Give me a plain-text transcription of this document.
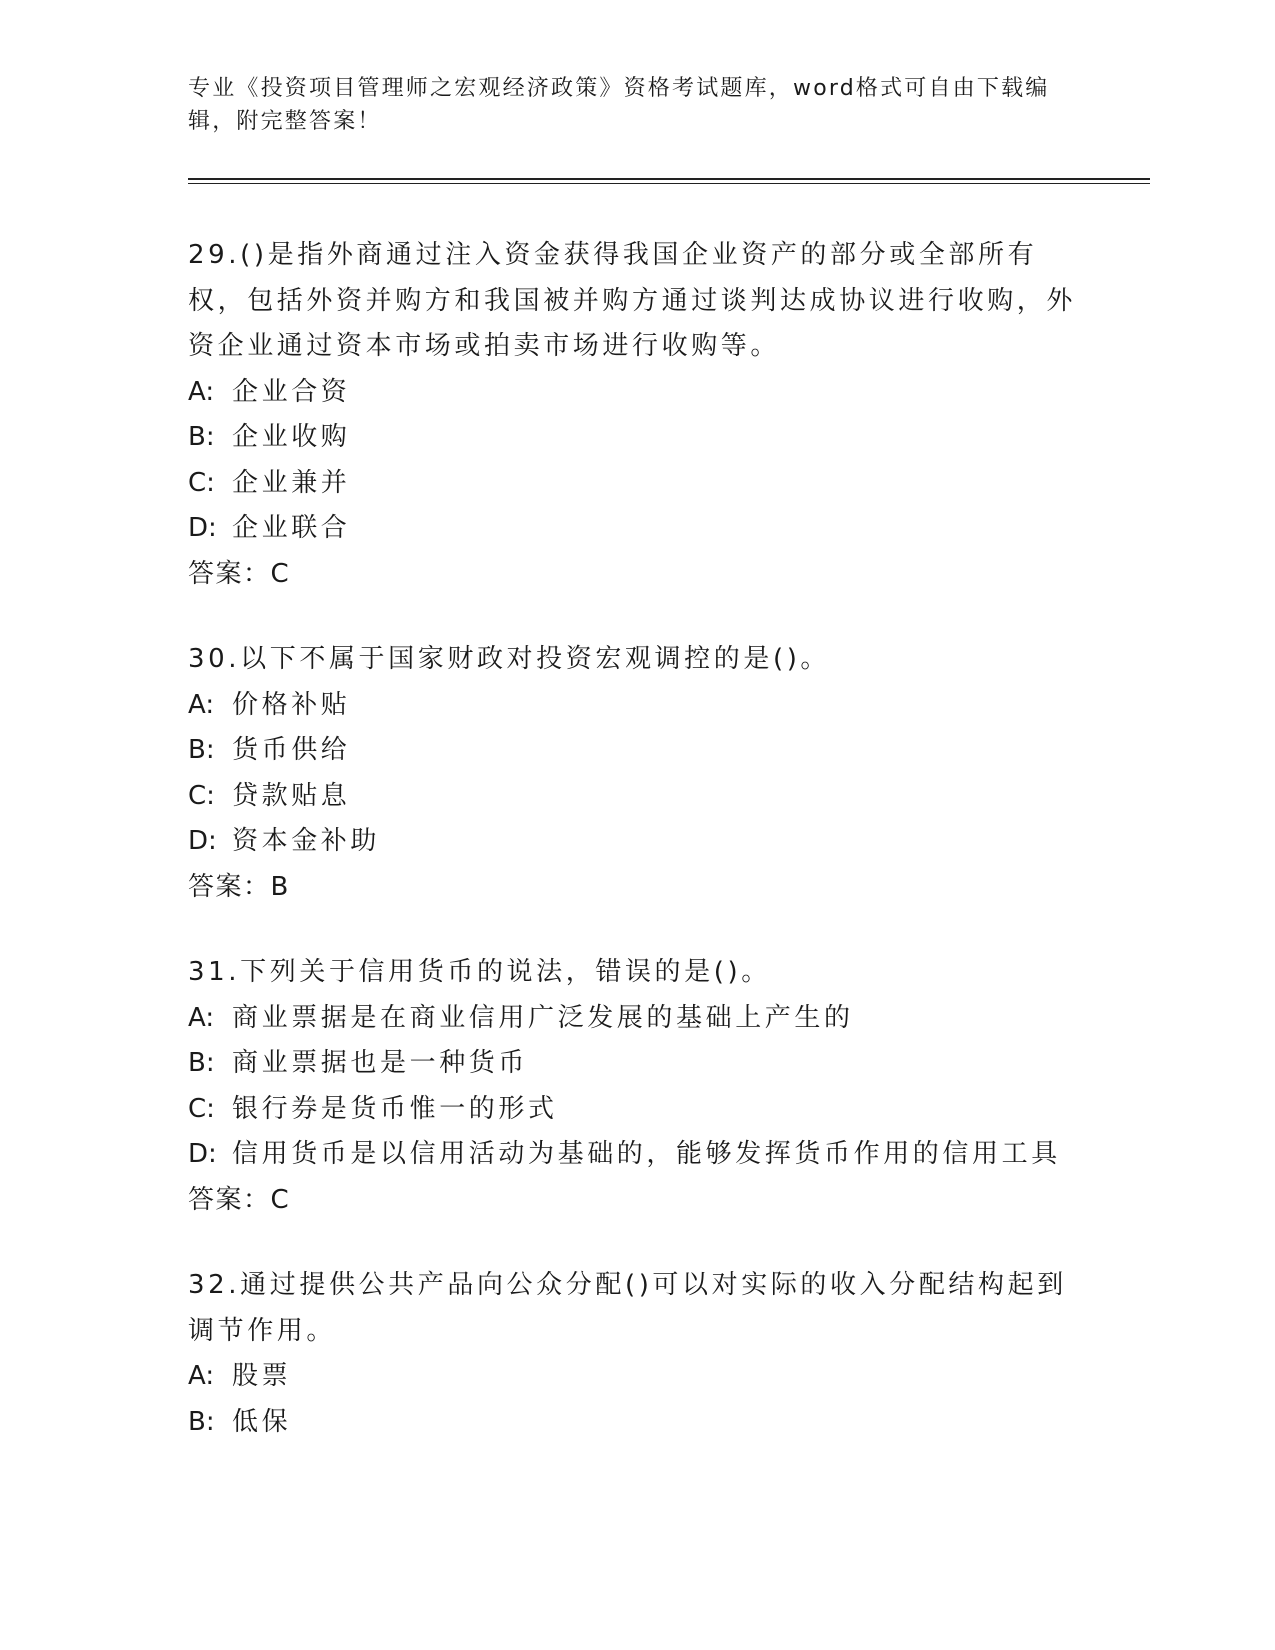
专业《投资项目管理师之宏观经济政策》资格考试题库，word格式可自由下载编辑，附完整答案！

29.()是指外商通过注入资金获得我国企业资产的部分或全部所有权，包括外资并购方和我国被并购方通过谈判达成协议进行收购，外资企业通过资本市场或拍卖市场进行收购等。

A: 企业合资

B: 企业收购

C: 企业兼并

D: 企业联合

答案：C

30.以下不属于国家财政对投资宏观调控的是()。

A: 价格补贴

B: 货币供给

C: 贷款贴息

D: 资本金补助

答案：B

31.下列关于信用货币的说法，错误的是()。

A: 商业票据是在商业信用广泛发展的基础上产生的

B: 商业票据也是一种货币

C: 银行券是货币惟一的形式

D: 信用货币是以信用活动为基础的，能够发挥货币作用的信用工具

答案：C

32.通过提供公共产品向公众分配()可以对实际的收入分配结构起到调节作用。

A: 股票

B: 低保
